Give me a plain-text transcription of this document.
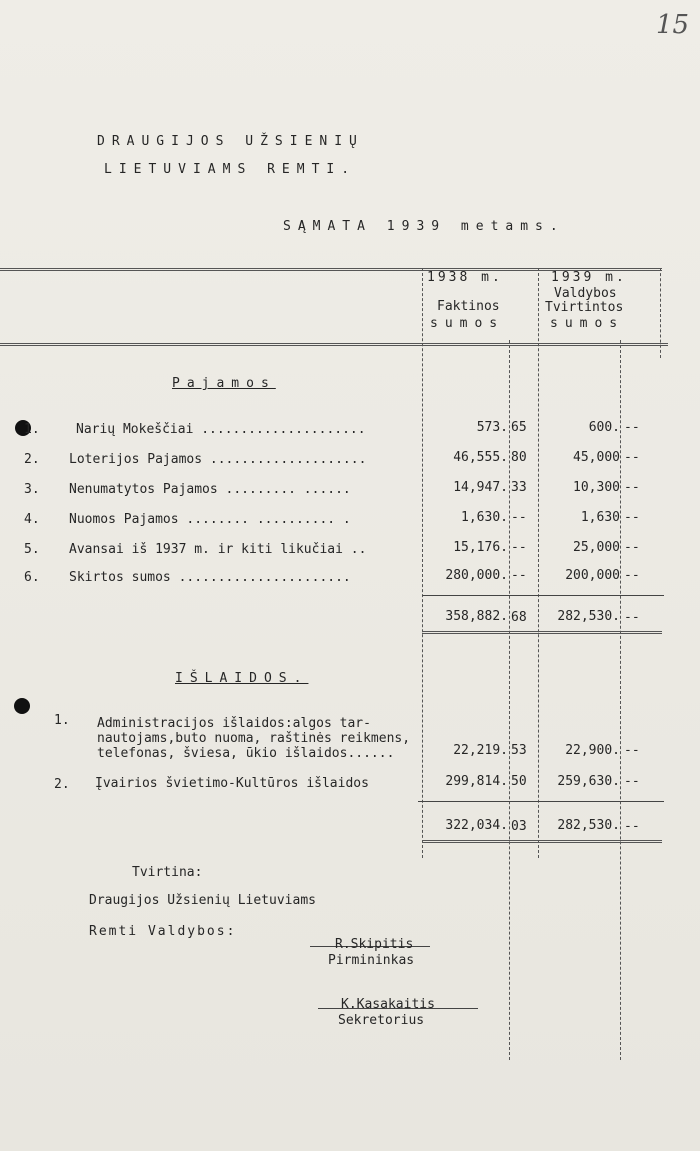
15
DRAUGIJOS UŽSIENIŲ
LIETUVIAMS REMTI.
SĄMATA 1939 metams.
1938 m.
Faktinos
sumos
1939 m.
Valdybos
Tvirtintos
sumos
Pajamos
1.	Narių Mokeščiai .....................	573. 65	600. --
2. Loterijos Pajamos ....................	46,555. 80	45,000 --
3. Nenumatytos Pajamos ......... ......	14,947. 33	10,300 --
4. Nuomos Pajamos ........ .......... .	1,630. --	1,630 --
5. Avansai iš 1937 m. ir kiti likučiai ..	15,176. --	25,000 --
6. Skirtos sumos ......................	280,000. --	200,000 --
358,882. 68	282,530. --
IŠLAIDOS.
1. Administracijos išlaidos:algos tar-
nautojams,buto nuoma, raštinės reikmens,
telefonas, šviesa, ūkio išlaidos......	22,219. 53	22,900. --
2. Įvairios švietimo-Kultūros išlaidos	299,814. 50	259,630. --
322,034. 03	282,530. --
Tvirtina:
Draugijos Užsienių Lietuviams
Remti Valdybos:
R.Skipitis
Pirmininkas
K.Kasakaitis
Sekretorius
